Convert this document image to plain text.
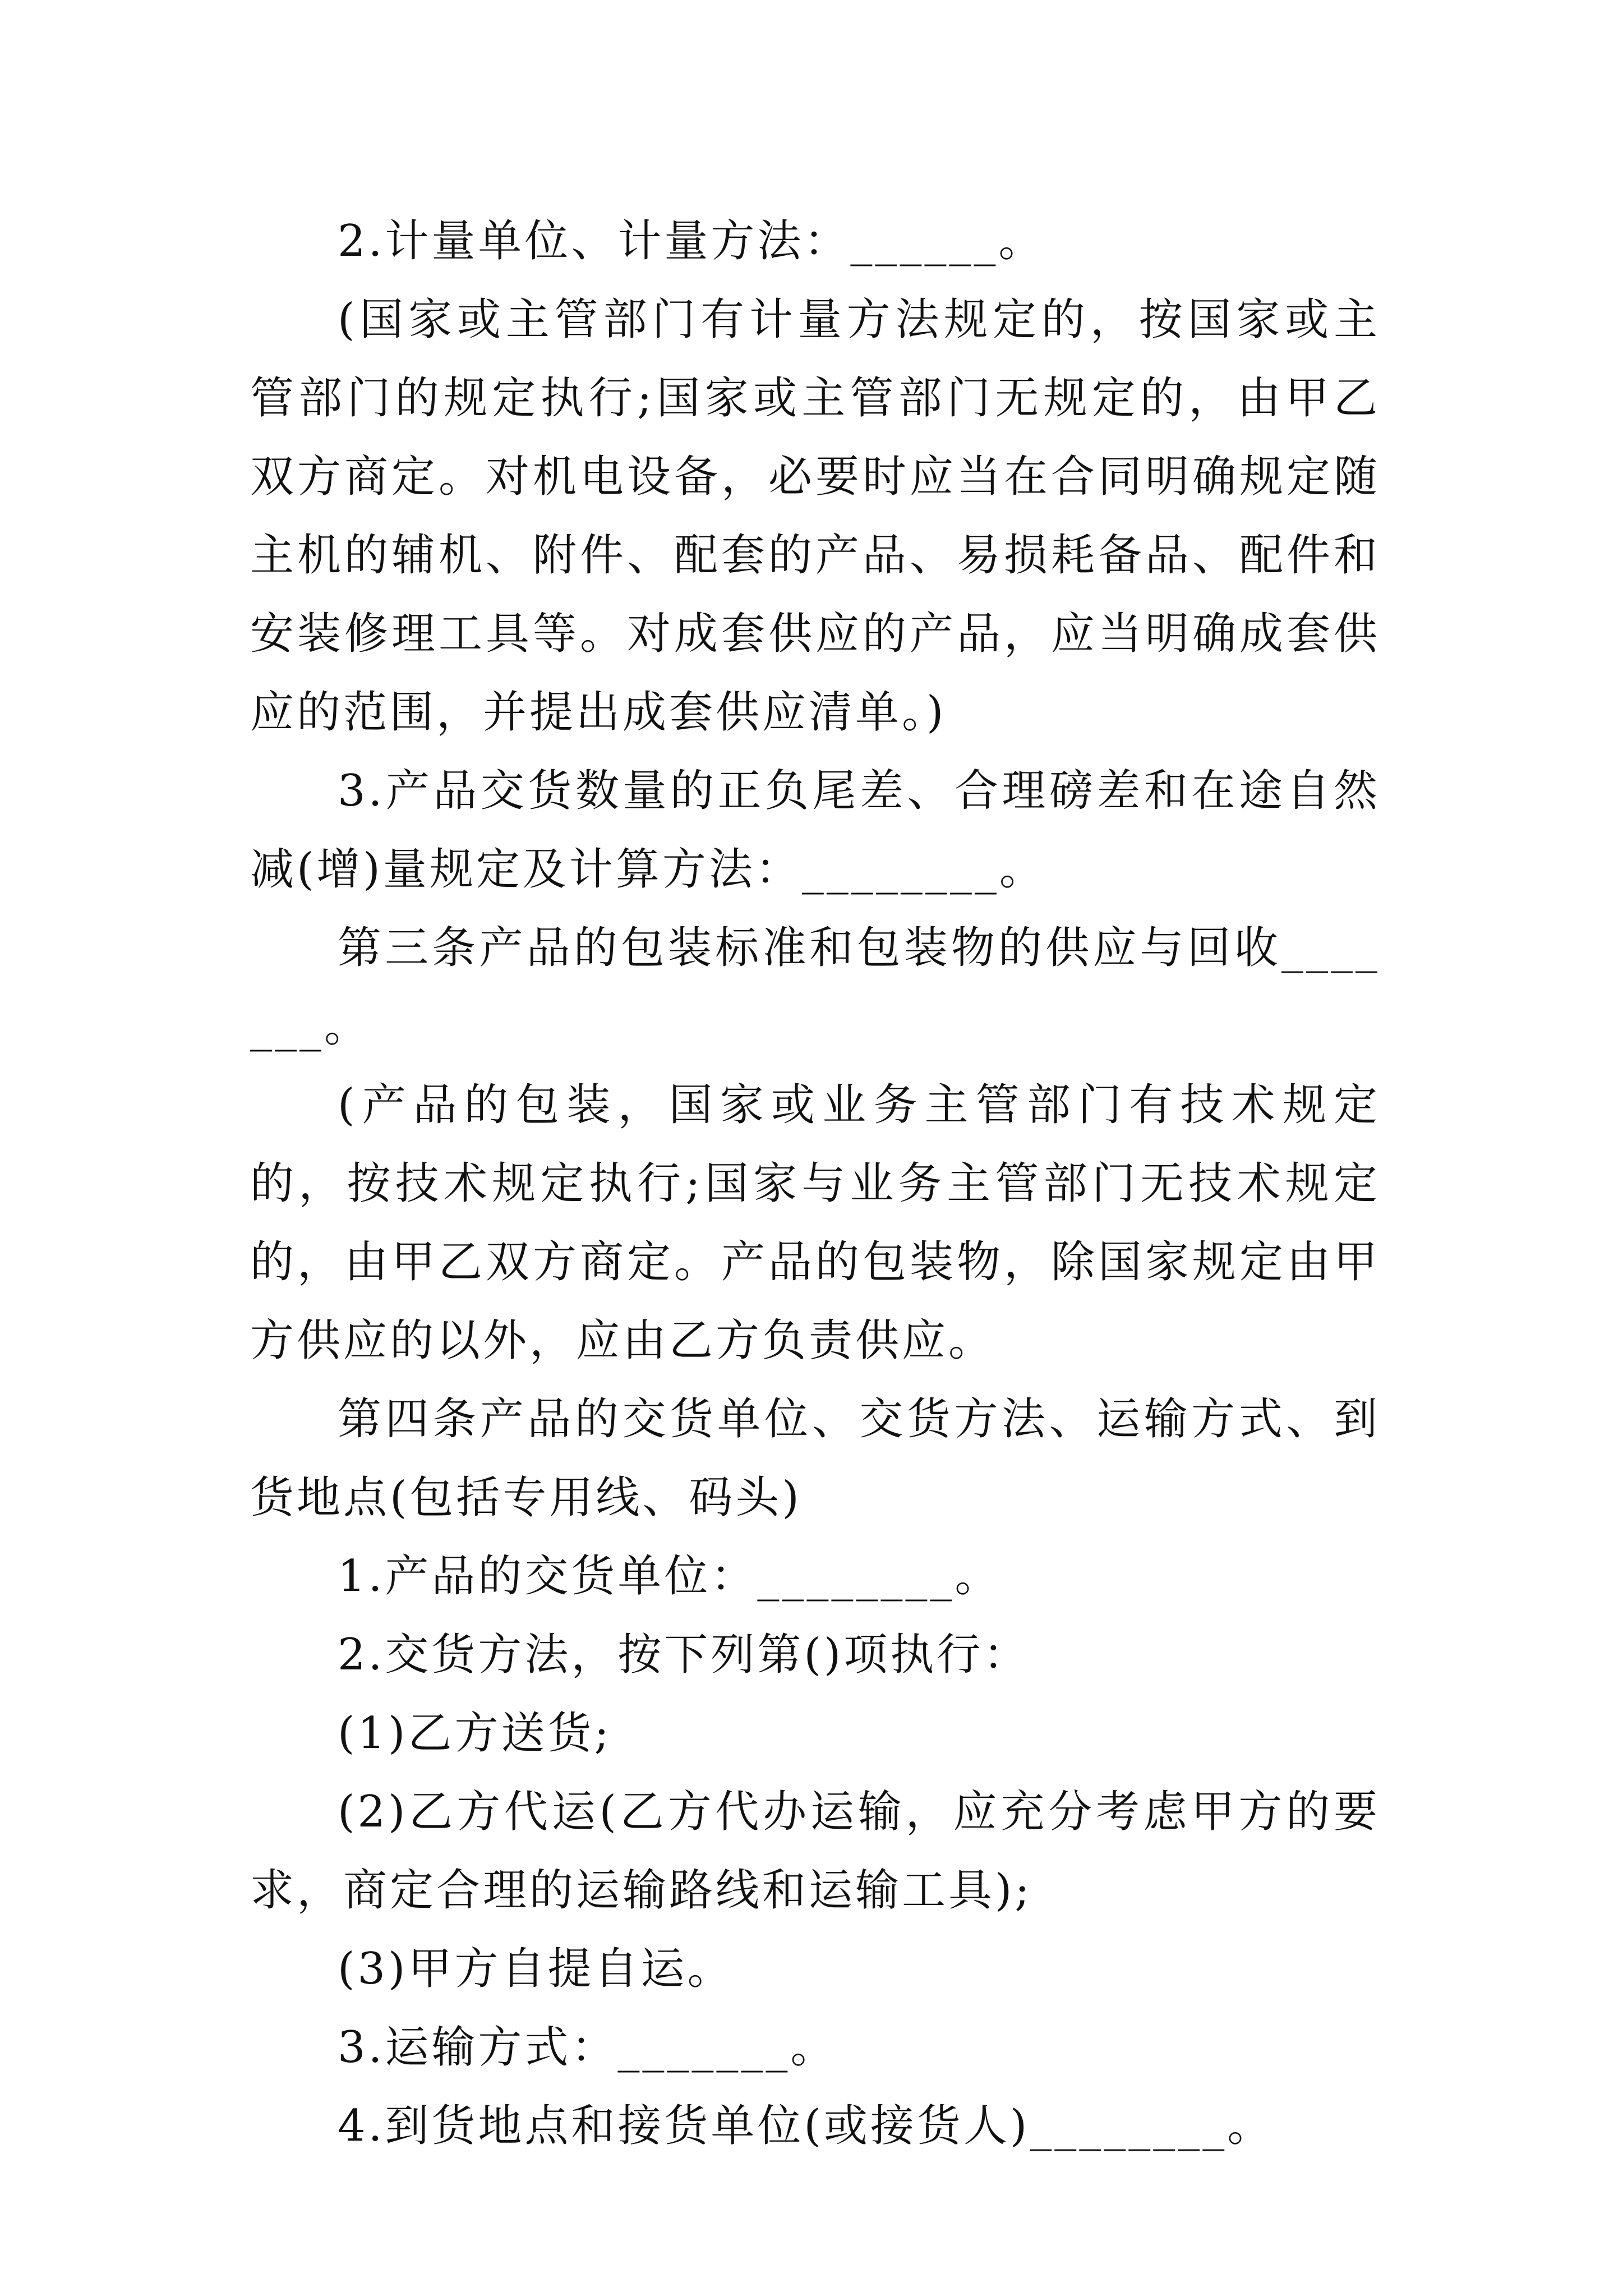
2.计量单位、计量方法：______。

(国家或主管部门有计量方法规定的，按国家或主管部门的规定执行;国家或主管部门无规定的，由甲乙双方商定。对机电设备，必要时应当在合同明确规定随主机的辅机、附件、配套的产品、易损耗备品、配件和安装修理工具等。对成套供应的产品，应当明确成套供应的范围，并提出成套供应清单。)

3.产品交货数量的正负尾差、合理磅差和在途自然减(增)量规定及计算方法：________。

第三条产品的包装标准和包装物的供应与回收_______。

(产品的包装，国家或业务主管部门有技术规定的，按技术规定执行;国家与业务主管部门无技术规定的，由甲乙双方商定。产品的包装物，除国家规定由甲方供应的以外，应由乙方负责供应。

第四条产品的交货单位、交货方法、运输方式、到货地点(包括专用线、码头)

1.产品的交货单位：________。

2.交货方法，按下列第()项执行：

(1)乙方送货;

(2)乙方代运(乙方代办运输，应充分考虑甲方的要求，商定合理的运输路线和运输工具);

(3)甲方自提自运。

3.运输方式：_______。

4.到货地点和接货单位(或接货人)________。
